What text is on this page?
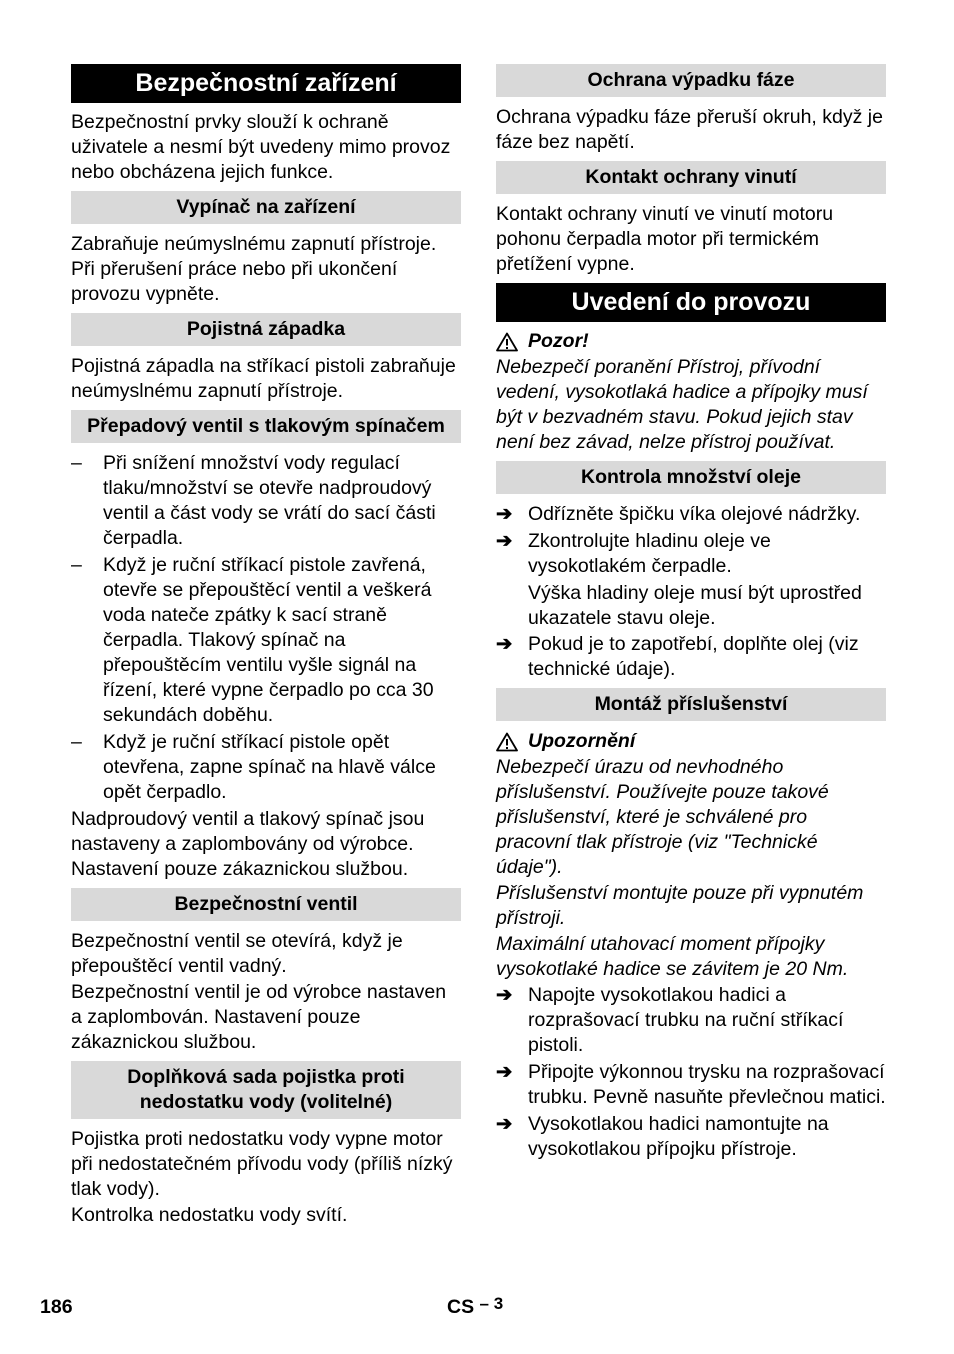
Bezpečnostní zařízení
Bezpečnostní prvky slouží k ochraně uživatele a nesmí být uvedeny mimo provoz nebo obcházena jejich funkce.
Vypínač na zařízení
Zabraňuje neúmyslnému zapnutí přístroje. Při přerušení práce nebo při ukončení provozu vypněte.
Pojistná západka
Pojistná západla na stříkací pistoli zabraňuje neúmyslnému zapnutí přístroje.
Přepadový ventil s tlakovým spínačem
–	Při snížení množství vody regulací tlaku/množství se otevře nadproudový ventil a část vody se vrátí do sací části čerpadla.
–	Když je ruční stříkací pistole zavřená, otevře se přepouštěcí ventil a veškerá voda nateče zpátky k sací straně čerpadla. Tlakový spínač na přepouštěcím ventilu vyšle signál na řízení, které vypne čerpadlo po cca 30 sekundách doběhu.
–	Když je ruční stříkací pistole opět otevřena, zapne spínač na hlavě válce opět čerpadlo.
Nadproudový ventil a tlakový spínač jsou nastaveny a zaplombovány od výrobce. Nastavení pouze zákaznickou službou.
Bezpečnostní ventil
Bezpečnostní ventil se otevírá, když je přepouštěcí ventil vadný.
Bezpečnostní ventil je od výrobce nastaven a zaplombován. Nastavení pouze zákaznickou službou.
Doplňková sada pojistka proti nedostatku vody (volitelné)
Pojistka proti nedostatku vody vypne motor při nedostatečném přívodu vody (příliš nízký tlak vody).
Kontrolka nedostatku vody svítí.
Ochrana výpadku fáze
Ochrana výpadku fáze přeruší okruh, když je fáze bez napětí.
Kontakt ochrany vinutí
Kontakt ochrany vinutí ve vinutí motoru pohonu čerpadla motor při termickém přetížení vypne.
Uvedení do provozu
Pozor!
Nebezpečí poranění Přístroj, přívodní vedení, vysokotlaká hadice a přípojky musí být v bezvadném stavu. Pokud jejich stav není bez závad, nelze přístroj používat.
Kontrola množství oleje
➔ Odřízněte špičku víka olejové nádržky.
➔ Zkontrolujte hladinu oleje ve vysokotlakém čerpadle.
Výška hladiny oleje musí být uprostřed ukazatele stavu oleje.
➔ Pokud je to zapotřebí, doplňte olej (viz technické údaje).
Montáž příslušenství
Upozornění
Nebezpečí úrazu od nevhodného příslušenství. Používejte pouze takové příslušenství, které je schválené pro pracovní tlak přístroje (viz "Technické údaje").
Příslušenství montujte pouze při vypnutém přístroji.
Maximální utahovací moment přípojky vysokotlaké hadice se závitem je 20 Nm.
➔ Napojte vysokotlakou hadici a rozprašovací trubku na ruční stříkací pistoli.
➔ Připojte výkonnou trysku na rozprašovací trubku. Pevně nasuňte převlečnou matici.
➔ Vysokotlakou hadici namontujte na vysokotlakou přípojku přístroje.
186	CS – 3
